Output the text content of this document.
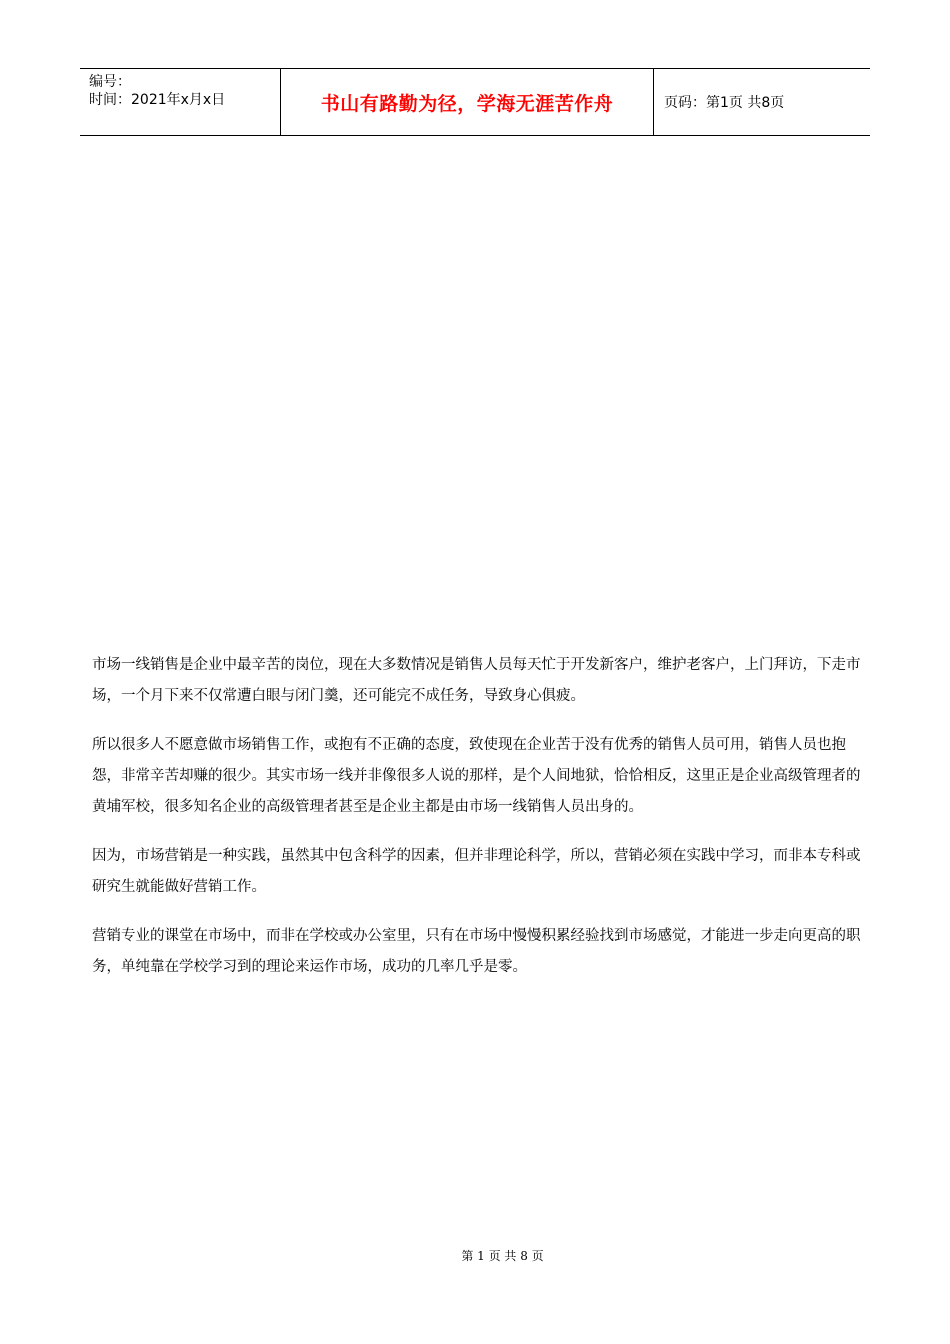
编号：
时间：2021年x月x日	书山有路勤为径，学海无涯苦作舟	页码：第1页 共8页

市场一线销售是企业中最辛苦的岗位，现在大多数情况是销售人员每天忙于开发新客户，维护老客户，上门拜访，下走市场，一个月下来不仅常遭白眼与闭门羹，还可能完不成任务，导致身心俱疲。

所以很多人不愿意做市场销售工作，或抱有不正确的态度，致使现在企业苦于没有优秀的销售人员可用，销售人员也抱怨，非常辛苦却赚的很少。其实市场一线并非像很多人说的那样，是个人间地狱，恰恰相反，这里正是企业高级管理者的黄埔军校，很多知名企业的高级管理者甚至是企业主都是由市场一线销售人员出身的。

因为，市场营销是一种实践，虽然其中包含科学的因素，但并非理论科学，所以，营销必须在实践中学习，而非本专科或研究生就能做好营销工作。

营销专业的课堂在市场中，而非在学校或办公室里，只有在市场中慢慢积累经验找到市场感觉，才能进一步走向更高的职务，单纯靠在学校学习到的理论来运作市场，成功的几率几乎是零。

第 1 页 共 8 页
